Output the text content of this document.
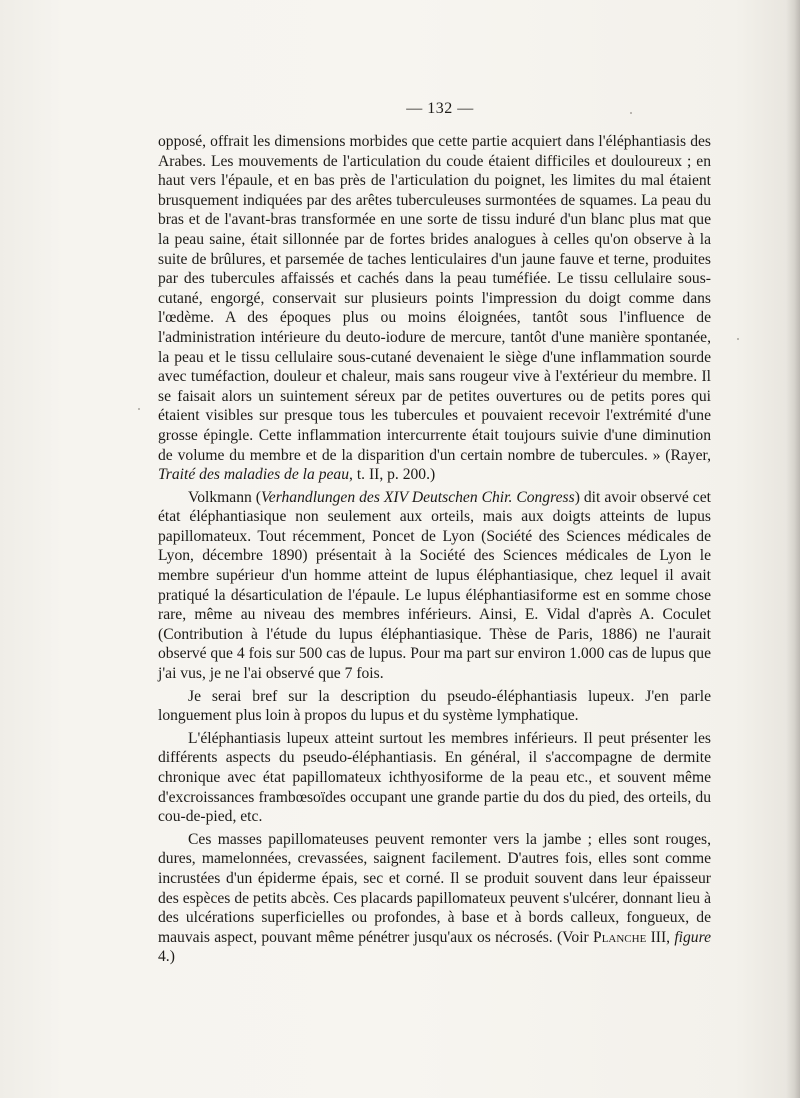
— 132 —

opposé, offrait les dimensions morbides que cette partie acquiert dans l'éléphantiasis des Arabes. Les mouvements de l'articulation du coude étaient difficiles et douloureux ; en haut vers l'épaule, et en bas près de l'articulation du poignet, les limites du mal étaient brusquement indiquées par des arêtes tuberculeuses surmontées de squames. La peau du bras et de l'avant-bras transformée en une sorte de tissu induré d'un blanc plus mat que la peau saine, était sillonnée par de fortes brides analogues à celles qu'on observe à la suite de brûlures, et parsemée de taches lenticulaires d'un jaune fauve et terne, produites par des tubercules affaissés et cachés dans la peau tuméfiée. Le tissu cellulaire sous-cutané, engorgé, conservait sur plusieurs points l'impression du doigt comme dans l'œdème. A des époques plus ou moins éloignées, tantôt sous l'influence de l'administration intérieure du deuto-iodure de mercure, tantôt d'une manière spontanée, la peau et le tissu cellulaire sous-cutané devenaient le siège d'une inflammation sourde avec tuméfaction, douleur et chaleur, mais sans rougeur vive à l'extérieur du membre. Il se faisait alors un suintement séreux par de petites ouvertures ou de petits pores qui étaient visibles sur presque tous les tubercules et pouvaient recevoir l'extrémité d'une grosse épingle. Cette inflammation intercurrente était toujours suivie d'une diminution de volume du membre et de la disparition d'un certain nombre de tubercules. » (Rayer, Traité des maladies de la peau, t. II, p. 200.)

Volkmann (Verhandlungen des XIV Deutschen Chir. Congress) dit avoir observé cet état éléphantiasique non seulement aux orteils, mais aux doigts atteints de lupus papillomateux. Tout récemment, Poncet de Lyon (Société des Sciences médicales de Lyon, décembre 1890) présentait à la Société des Sciences médicales de Lyon le membre supérieur d'un homme atteint de lupus éléphantiasique, chez lequel il avait pratiqué la désarticulation de l'épaule. Le lupus éléphantiasiforme est en somme chose rare, même au niveau des membres inférieurs. Ainsi, E. Vidal d'après A. Coculet (Contribution à l'étude du lupus éléphantiasique. Thèse de Paris, 1886) ne l'aurait observé que 4 fois sur 500 cas de lupus. Pour ma part sur environ 1.000 cas de lupus que j'ai vus, je ne l'ai observé que 7 fois.

Je serai bref sur la description du pseudo-éléphantiasis lupeux. J'en parle longuement plus loin à propos du lupus et du système lymphatique.

L'éléphantiasis lupeux atteint surtout les membres inférieurs. Il peut présenter les différents aspects du pseudo-éléphantiasis. En général, il s'accompagne de dermite chronique avec état papillomateux ichthyosiforme de la peau etc., et souvent même d'excroissances frambœsoïdes occupant une grande partie du dos du pied, des orteils, du cou-de-pied, etc.

Ces masses papillomateuses peuvent remonter vers la jambe ; elles sont rouges, dures, mamelonnées, crevassées, saignent facilement. D'autres fois, elles sont comme incrustées d'un épiderme épais, sec et corné. Il se produit souvent dans leur épaisseur des espèces de petits abcès. Ces placards papillomateux peuvent s'ulcérer, donnant lieu à des ulcérations superficielles ou profondes, à base et à bords calleux, fongueux, de mauvais aspect, pouvant même pénétrer jusqu'aux os nécrosés. (Voir Planche III, figure 4.)
